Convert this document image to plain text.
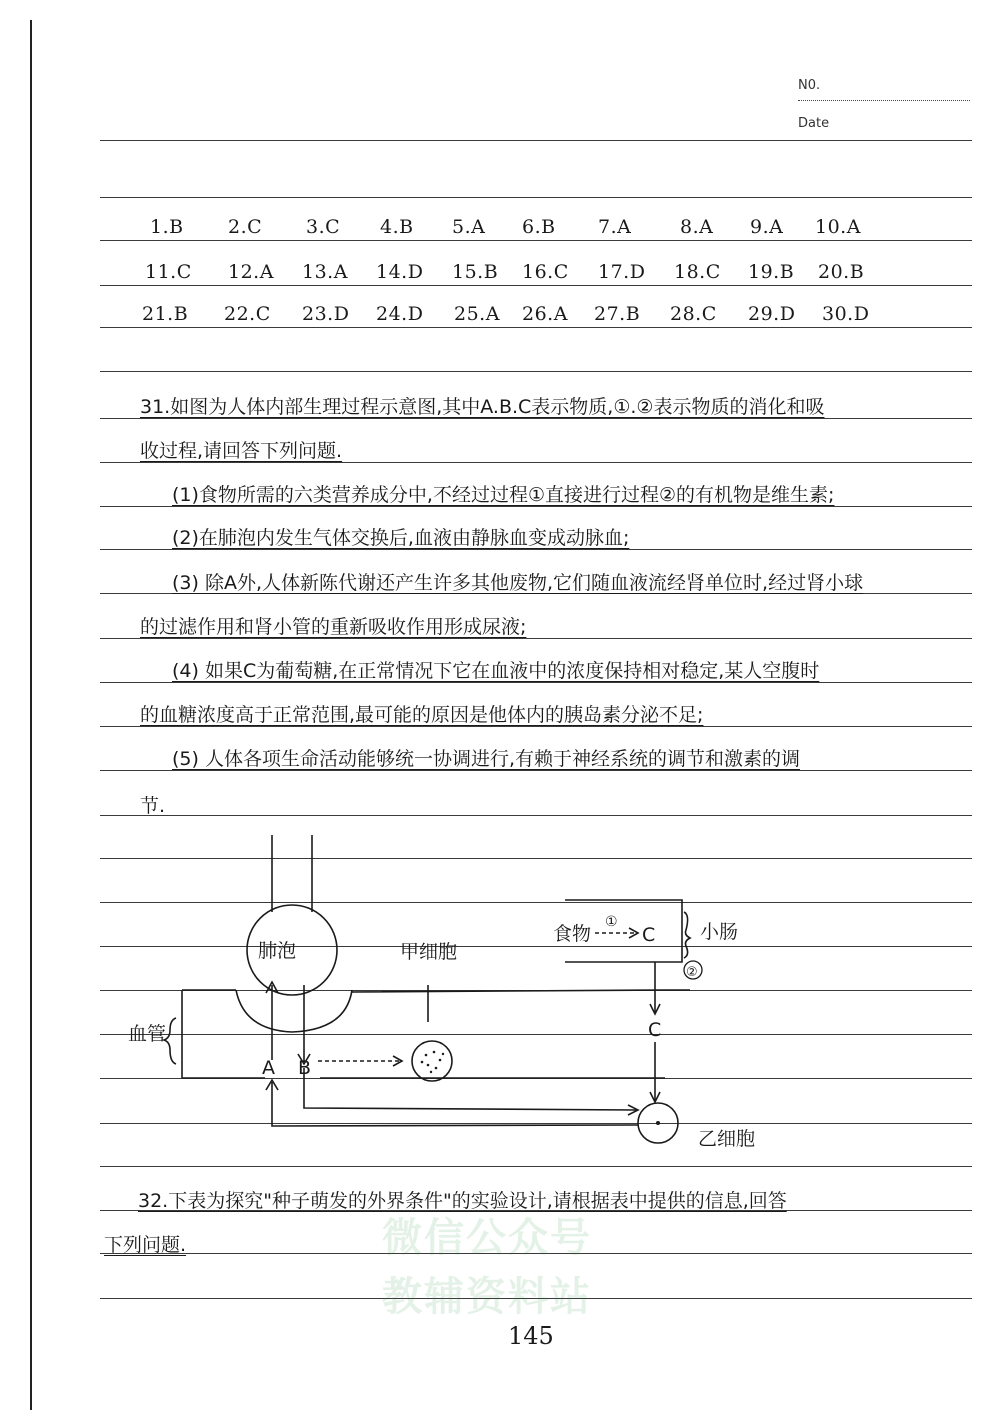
N0.
Date
1.B 2.C 3.C 4.B 5.A 6.B 7.A	8.A 9.A 10.A
11.C 12.A 13.A 14.D 15.B 16.C 17.D 18.C 19.B 20.B
21.B 22.C 23.D 24.D 25.A 26.A 27.B 28.C 29.D 30.D
31.如图为人体内部生理过程示意图,其中A.B.C表示物质,①.②表示物质的消化和吸
收过程,请回答下列问题.
(1)食物所需的六类营养成分中,不经过过程①直接进行过程②的有机物是维生素;
(2)在肺泡内发生气体交换后,血液由静脉血变成动脉血;
(3) 除A外,人体新陈代谢还产生许多其他废物,它们随血液流经肾单位时,经过肾小球
的过滤作用和肾小管的重新吸收作用形成尿液;
(4) 如果C为葡萄糖,在正常情况下它在血液中的浓度保持相对稳定,某人空腹时
的血糖浓度高于正常范围,最可能的原因是他体内的胰岛素分泌不足;
(5) 人体各项生命活动能够统一协调进行,有赖于神经系统的调节和激素的调
节.
肺泡	甲细胞
食物
①
C 小肠
②
C
血管
A B
乙细胞
32.下表为探究"种子萌发的外界条件"的实验设计,请根据表中提供的信息,回答
下列问题.	微信公众号
教辅资料站
145
